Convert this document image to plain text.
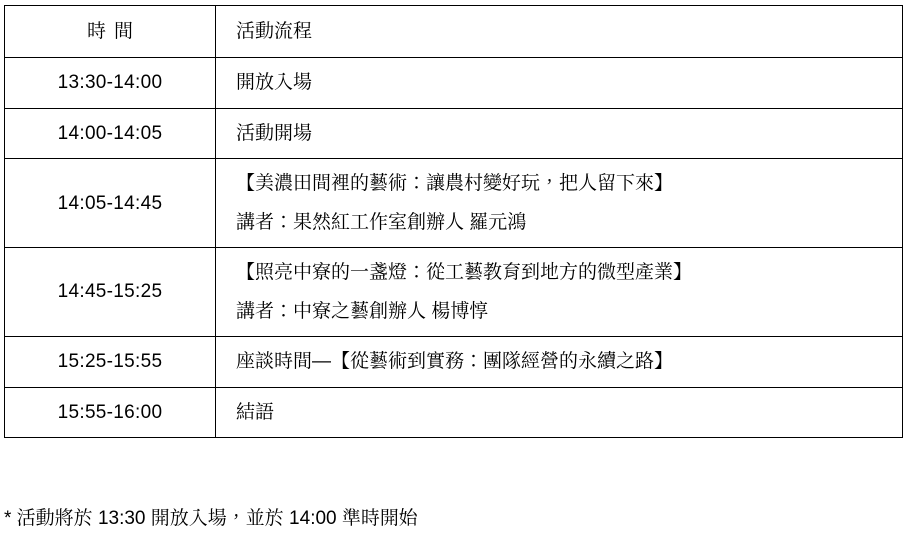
時間	活動流程

13:30-14:00	開放入場

14:00-14:05	活動開場

14:05-14:45	【美濃田間裡的藝術：讓農村變好玩，把人留下來】
講者：果然紅工作室創辦人 羅元鴻

14:45-15:25	【照亮中寮的一盞燈：從工藝教育到地方的微型產業】
講者：中寮之藝創辦人 楊博惇

15:25-15:55	座談時間—【從藝術到實務：團隊經營的永續之路】

15:55-16:00	結語
* 活動將於 13:30 開放入場，並於 14:00 準時開始
